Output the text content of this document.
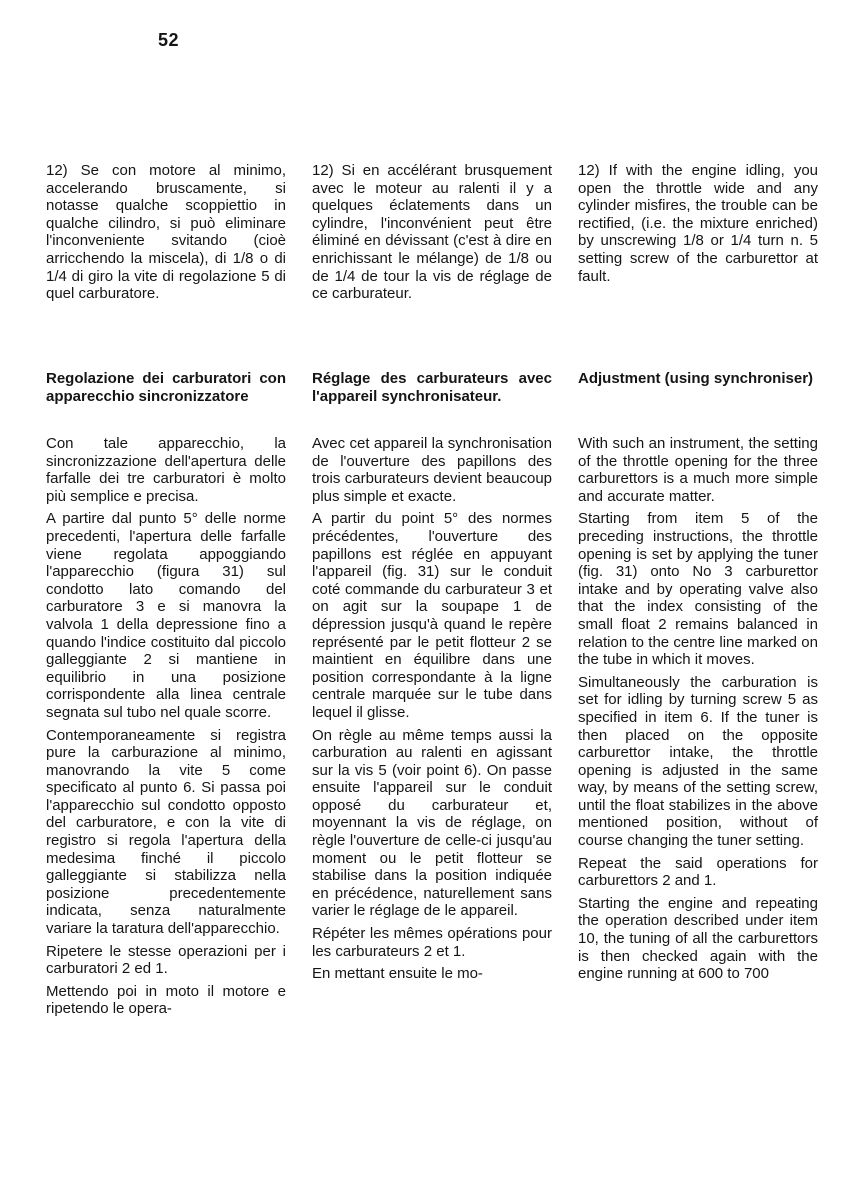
52

12) Se con motore al minimo, accelerando bruscamente, si notasse qualche scoppiettio in qualche cilindro, si può eliminare l'inconveniente svitando (cioè arricchendo la miscela), di 1/8 o di 1/4 di giro la vite di regolazione 5 di quel carburatore.

Regolazione dei carburatori con apparecchio sincronizzatore

Con tale apparecchio, la sincronizzazione dell'apertura delle farfalle dei tre carburatori è molto più semplice e precisa.

A partire dal punto 5° delle norme precedenti, l'apertura delle farfalle viene regolata appoggiando l'apparecchio (figura 31) sul condotto lato comando del carburatore 3 e si manovra la valvola 1 della depressione fino a quando l'indice costituito dal piccolo galleggiante 2 si mantiene in equilibrio in una posizione corrispondente alla linea centrale segnata sul tubo nel quale scorre.

Contemporaneamente si registra pure la carburazione al minimo, manovrando la vite 5 come specificato al punto 6. Si passa poi l'apparecchio sul condotto opposto del carburatore, e con la vite di registro si regola l'apertura della medesima finché il piccolo galleggiante si stabilizza nella posizione precedentemente indicata, senza naturalmente variare la taratura dell'apparecchio.

Ripetere le stesse operazioni per i carburatori 2 ed 1.

Mettendo poi in moto il motore e ripetendo le opera-

12) Si en accélérant brusquement avec le moteur au ralenti il y a quelques éclatements dans un cylindre, l'inconvénient peut être éliminé en dévissant (c'est à dire en enrichissant le mélange) de 1/8 ou de 1/4 de tour la vis de réglage de ce carburateur.

Réglage des carburateurs avec l'appareil synchronisateur.

Avec cet appareil la synchronisation de l'ouverture des papillons des trois carburateurs devient beaucoup plus simple et exacte.

A partir du point 5° des normes précédentes, l'ouverture des papillons est réglée en appuyant l'appareil (fig. 31) sur le conduit coté commande du carburateur 3 et on agit sur la soupape 1 de dépression jusqu'à quand le repère représenté par le petit flotteur 2 se maintient en équilibre dans une position correspondante à la ligne centrale marquée sur le tube dans lequel il glisse.

On règle au même temps aussi la carburation au ralenti en agissant sur la vis 5 (voir point 6). On passe ensuite l'appareil sur le conduit opposé du carburateur et, moyennant la vis de réglage, on règle l'ouverture de celle-ci jusqu'au moment ou le petit flotteur se stabilise dans la position indiquée en précédence, naturellement sans varier le réglage de le appareil.

Répéter les mêmes opérations pour les carburateurs 2 et 1.

En mettant ensuite le mo-

12) If with the engine idling, you open the throttle wide and any cylinder misfires, the trouble can be rectified, (i.e. the mixture enriched) by unscrewing 1/8 or 1/4 turn n. 5 setting screw of the carburettor at fault.

Adjustment (using synchroniser)

With such an instrument, the setting of the throttle opening for the three carburettors is a much more simple and accurate matter.

Starting from item 5 of the preceding instructions, the throttle opening is set by applying the tuner (fig. 31) onto No 3 carburettor intake and by operating valve also that the index consisting of the small float 2 remains balanced in relation to the centre line marked on the tube in which it moves.

Simultaneously the carburation is set for idling by turning screw 5 as specified in item 6. If the tuner is then placed on the opposite carburettor intake, the throttle opening is adjusted in the same way, by means of the setting screw, until the float stabilizes in the above mentioned position, without of course changing the tuner setting.

Repeat the said operations for carburettors 2 and 1.

Starting the engine and repeating the operation described under item 10, the tuning of all the carburettors is then checked again with the engine running at 600 to 700
